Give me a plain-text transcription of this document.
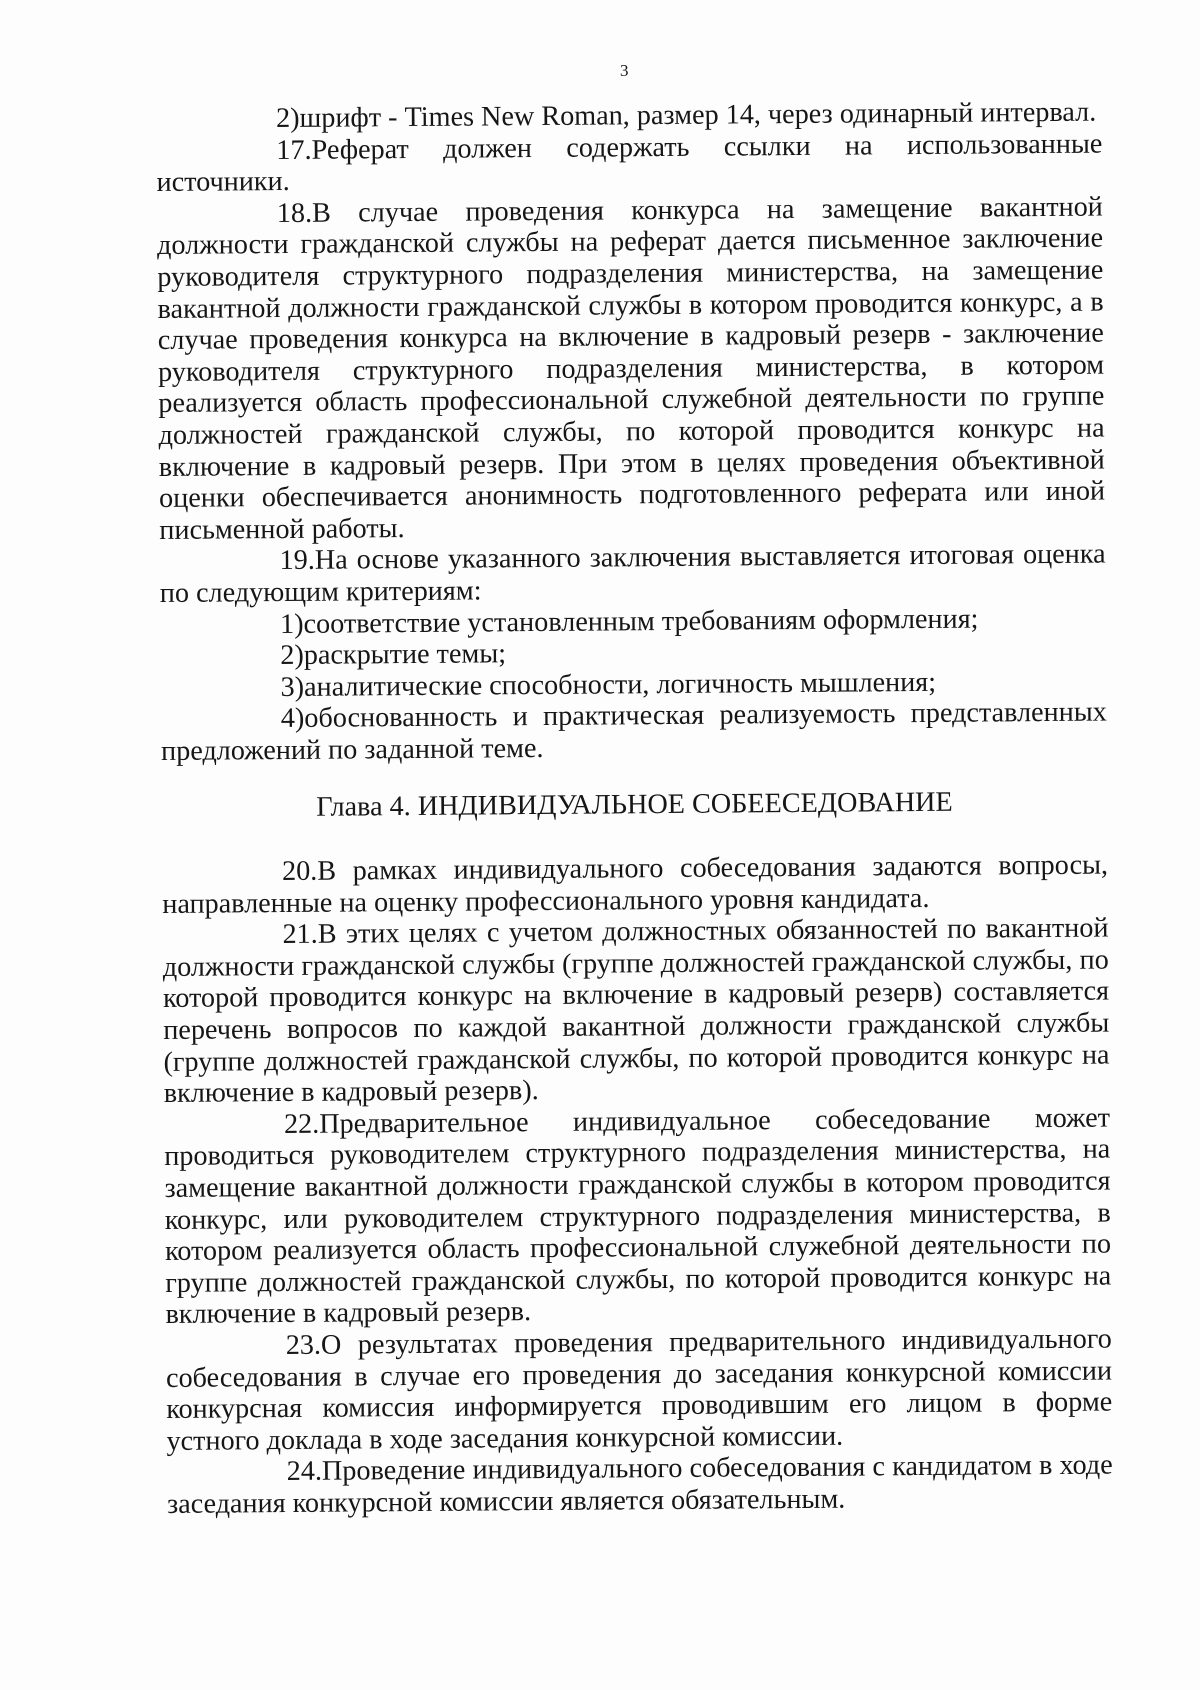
3

2)шрифт - Times New Roman, размер 14, через одинарный интервал.

17.Реферат должен содержать ссылки на использованные источники.

18.В случае проведения конкурса на замещение вакантной должности гражданской службы на реферат дается письменное заключение руководителя структурного подразделения министерства, на замещение вакантной должности гражданской службы в котором проводится конкурс, а в случае проведения конкурса на включение в кадровый резерв - заключение руководителя структурного подразделения министерства, в котором реализуется область профессиональной служебной деятельности по группе должностей гражданской службы, по которой проводится конкурс на включение в кадровый резерв. При этом в целях проведения объективной оценки обеспечивается анонимность подготовленного реферата или иной письменной работы.

19.На основе указанного заключения выставляется итоговая оценка по следующим критериям:

1)соответствие установленным требованиям оформления;

2)раскрытие темы;

3)аналитические способности, логичность мышления;

4)обоснованность и практическая реализуемость представленных предложений по заданной теме.

Глава 4. ИНДИВИДУАЛЬНОЕ СОБЕЕСЕДОВАНИЕ

20.В рамках индивидуального собеседования задаются вопросы, направленные на оценку профессионального уровня кандидата.

21.В этих целях с учетом должностных обязанностей по вакантной должности гражданской службы (группе должностей гражданской службы, по которой проводится конкурс на включение в кадровый резерв) составляется перечень вопросов по каждой вакантной должности гражданской службы (группе должностей гражданской службы, по которой проводится конкурс на включение в кадровый резерв).

22.Предварительное индивидуальное собеседование может проводиться руководителем структурного подразделения министерства, на замещение вакантной должности гражданской службы в котором проводится конкурс, или руководителем структурного подразделения министерства, в котором реализуется область профессиональной служебной деятельности по группе должностей гражданской службы, по которой проводится конкурс на включение в кадровый резерв.

23.О результатах проведения предварительного индивидуального собеседования в случае его проведения до заседания конкурсной комиссии конкурсная комиссия информируется проводившим его лицом в форме устного доклада в ходе заседания конкурсной комиссии.

24.Проведение индивидуального собеседования с кандидатом в ходе заседания конкурсной комиссии является обязательным.
